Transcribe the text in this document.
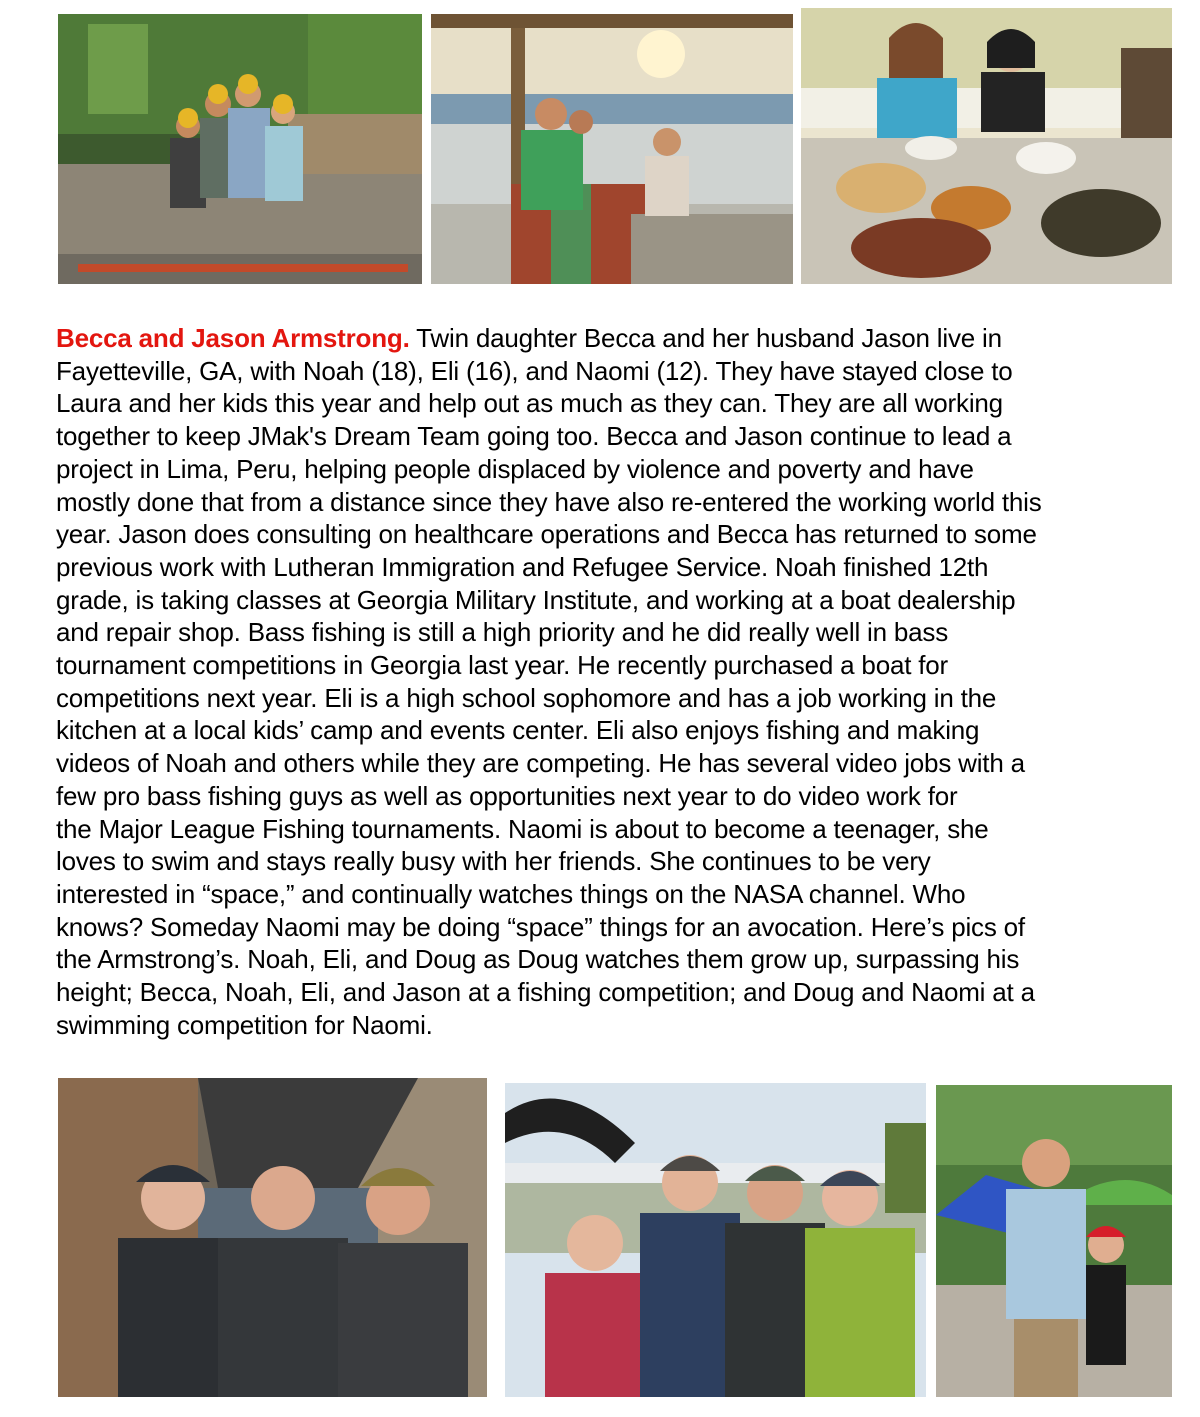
Becca and Jason Armstrong. Twin daughter Becca and her husband Jason live in
Fayetteville, GA, with Noah (18), Eli (16), and Naomi (12). They have stayed close to
Laura and her kids this year and help out as much as they can. They are all working
together to keep JMak's Dream Team going too. Becca and Jason continue to lead a
project in Lima, Peru, helping people displaced by violence and poverty and have
mostly done that from a distance since they have also re-entered the working world this
year. Jason does consulting on healthcare operations and Becca has returned to some
previous work with Lutheran Immigration and Refugee Service. Noah finished 12th
grade, is taking classes at Georgia Military Institute, and working at a boat dealership
and repair shop. Bass fishing is still a high priority and he did really well in bass
tournament competitions in Georgia last year. He recently purchased a boat for
competitions next year. Eli is a high school sophomore and has a job working in the
kitchen at a local kids’ camp and events center. Eli also enjoys fishing and making
videos of Noah and others while they are competing. He has several video jobs with a
few pro bass fishing guys as well as opportunities next year to do video work for
the Major League Fishing tournaments. Naomi is about to become a teenager, she
loves to swim and stays really busy with her friends. She continues to be very
interested in “space,” and continually watches things on the NASA channel. Who
knows? Someday Naomi may be doing “space” things for an avocation. Here’s pics of
the Armstrong’s. Noah, Eli, and Doug as Doug watches them grow up, surpassing his
height; Becca, Noah, Eli, and Jason at a fishing competition; and Doug and Naomi at a
swimming competition for Naomi.
